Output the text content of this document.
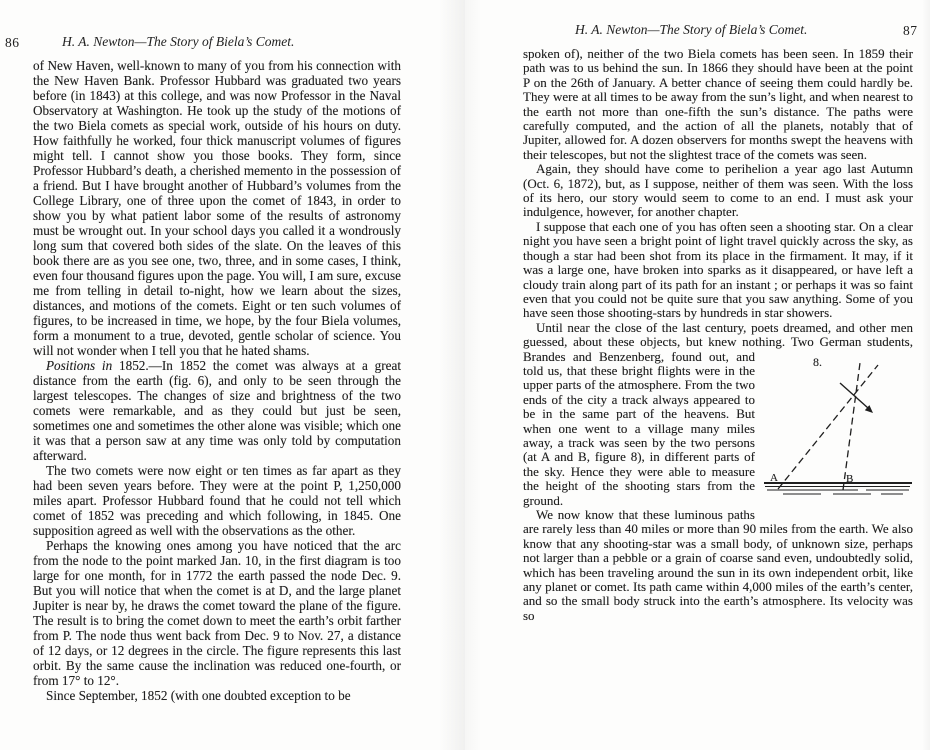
86	H. A. Newton—The Story of Biela’s Comet.

of New Haven, well-known to many of you from his connection with the New Haven Bank. Professor Hubbard was graduated two years before (in 1843) at this college, and was now Professor in the Naval Observatory at Washington. He took up the study of the motions of the two Biela comets as special work, outside of his hours on duty. How faithfully he worked, four thick manuscript volumes of figures might tell. I cannot show you those books. They form, since Professor Hubbard’s death, a cherished memento in the possession of a friend. But I have brought another of Hubbard’s volumes from the College Library, one of three upon the comet of 1843, in order to show you by what patient labor some of the results of astronomy must be wrought out. In your school days you called it a wondrously long sum that covered both sides of the slate. On the leaves of this book there are as you see one, two, three, and in some cases, I think, even four thousand figures upon the page. You will, I am sure, excuse me from telling in detail to-night, how we learn about the sizes, distances, and motions of the comets. Eight or ten such volumes of figures, to be increased in time, we hope, by the four Biela volumes, form a monument to a true, devoted, gentle scholar of science. You will not wonder when I tell you that he hated shams.

Positions in 1852.—In 1852 the comet was always at a great distance from the earth (fig. 6), and only to be seen through the largest telescopes. The changes of size and brightness of the two comets were remarkable, and as they could but just be seen, sometimes one and sometimes the other alone was visible; which one it was that a person saw at any time was only told by computation afterward.

The two comets were now eight or ten times as far apart as they had been seven years before. They were at the point P, 1,250,000 miles apart. Professor Hubbard found that he could not tell which comet of 1852 was preceding and which following, in 1845. One supposition agreed as well with the observations as the other.

Perhaps the knowing ones among you have noticed that the arc from the node to the point marked Jan. 10, in the first diagram is too large for one month, for in 1772 the earth passed the node Dec. 9. But you will notice that when the comet is at D, and the large planet Jupiter is near by, he draws the comet toward the plane of the figure. The result is to bring the comet down to meet the earth’s orbit farther from P. The node thus went back from Dec. 9 to Nov. 27, a distance of 12 days, or 12 degrees in the circle. The figure represents this last orbit. By the same cause the inclination was reduced one-fourth, or from 17° to 12°.

Since September, 1852 (with one doubted exception to be

H. A. Newton—The Story of Biela’s Comet.	87

spoken of), neither of the two Biela comets has been seen. In 1859 their path was to us behind the sun. In 1866 they should have been at the point P on the 26th of January. A better chance of seeing them could hardly be. They were at all times to be away from the sun’s light, and when nearest to the earth not more than one-fifth the sun’s distance. The paths were carefully computed, and the action of all the planets, notably that of Jupiter, allowed for. A dozen observers for months swept the heavens with their telescopes, but not the slightest trace of the comets was seen.

Again, they should have come to perihelion a year ago last Autumn (Oct. 6, 1872), but, as I suppose, neither of them was seen. With the loss of its hero, our story would seem to come to an end. I must ask your indulgence, however, for another chapter.

I suppose that each one of you has often seen a shooting star. On a clear night you have seen a bright point of light travel quickly across the sky, as though a star had been shot from its place in the firmament. It may, if it was a large one, have broken into sparks as it disappeared, or have left a cloudy train along part of its path for an instant ; or perhaps it was so faint even that you could not be quite sure that you saw anything. Some of you have seen those shooting-stars by hundreds in star showers.

Until near the close of the last century, poets dreamed, and other men guessed, about these objects, but knew nothing.
8.
A	B
Two German students, Brandes and Benzenberg, found out, and told us, that these bright flights were in the upper parts of the atmosphere. From the two ends of the city a track always appeared to be in the same part of the heavens. But when one went to a village many miles away, a track was seen by the two persons (at A and B, figure 8), in different parts of the sky. Hence they were able to measure the height of the shooting stars from the ground.

We now know that these luminous paths are rarely less than 40 miles or more than 90 miles from the earth. We also know that any shooting-star was a small body, of unknown size, perhaps not larger than a pebble or a grain of coarse sand even, undoubtedly solid, which has been traveling around the sun in its own independent orbit, like any planet or comet. Its path came within 4,000 miles of the earth’s center, and so the small body struck into the earth’s atmosphere. Its velocity was so
